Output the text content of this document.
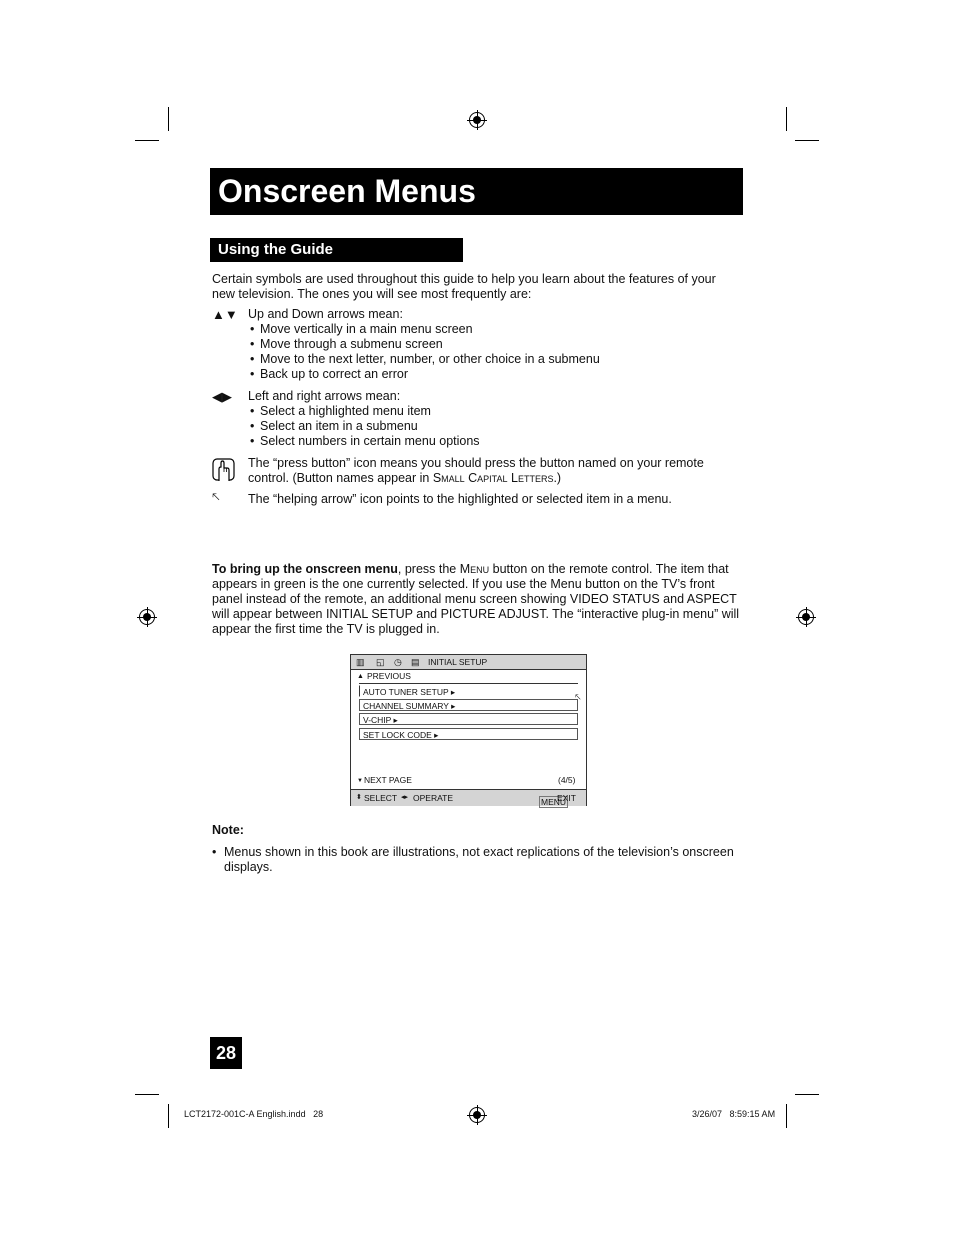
Onscreen Menus
Using the Guide
Certain symbols are used throughout this guide to help you learn about the features of your new television. The ones you will see most frequently are:
▲▼ Up and Down arrows mean:
• Move vertically in a main menu screen
• Move through a submenu screen
• Move to the next letter, number, or other choice in a submenu
• Back up to correct an error
◀▶ Left and right arrows mean:
• Select a highlighted menu item
• Select an item in a submenu
• Select numbers in certain menu options
The “press button” icon means you should press the button named on your remote control. (Button names appear in Small Capital Letters.)
🡔 The “helping arrow” icon points to the highlighted or selected item in a menu.
To bring up the onscreen menu, press the Menu button on the remote control. The item that appears in green is the one currently selected. If you use the Menu button on the TV’s front panel instead of the remote, an additional menu screen showing VIDEO STATUS and ASPECT will appear between INITIAL SETUP and PICTURE ADJUST. The “interactive plug-in menu” will appear the first time the TV is plugged in.
▥ ◱ ◷ ▤ INITIAL SETUP
▲ PREVIOUS
AUTO TUNER SETUP ▸
CHANNEL SUMMARY ▸
V-CHIP ▸
SET LOCK CODE ▸
🡔
▼ NEXT PAGE	(4/5)
⬍ SELECT ◂▸ OPERATE	MENU
EXIT
Note:
• Menus shown in this book are illustrations, not exact replications of the television’s onscreen displays.
28
LCT2172-001C-A English.indd   28	3/26/07   8:59:15 AM
